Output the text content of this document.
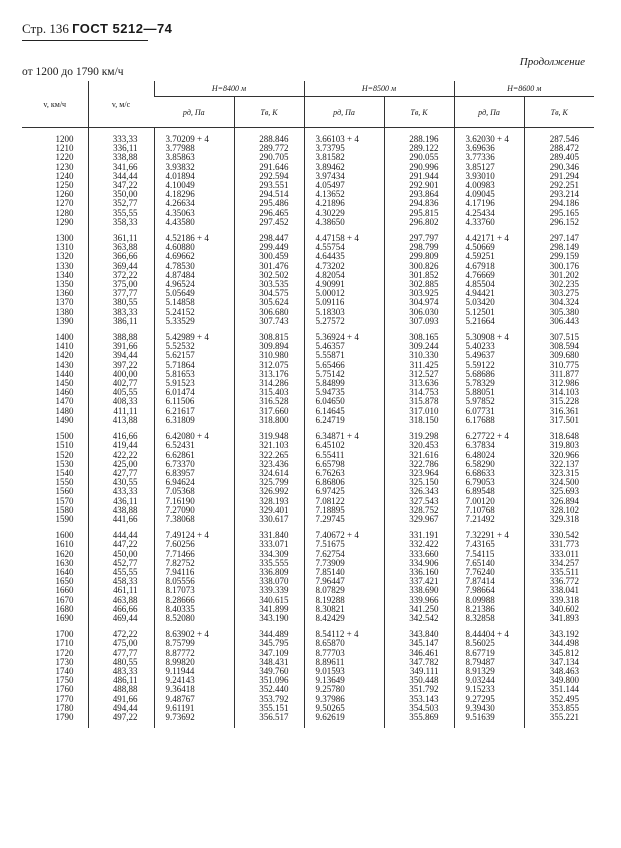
Стр. 136 ГОСТ 5212—74
Продолжение
от 1200 до 1790 км/ч
v, км/ч	v, м/с	H=8400 м		H=8500 м		H=8600 м	
		pд, Па	Tв, К	pд, Па	Tв, К	pд, Па	Tв, К

1200	333,33	3.70209 + 4	288.846	3.66103 + 4	288.196	3.62030 + 4	287.546
1210	336,11	3.77988	289.772	3.73795	289.122	3.69636	288.472
1220	338,88	3.85863	290.705	3.81582	290.055	3.77336	289.405
1230	341,66	3.93832	291.646	3.89462	290.996	3.85127	290.346
1240	344,44	4.01894	292.594	3.97434	291.944	3.93010	291.294
1250	347,22	4.10049	293.551	4.05497	292.901	4.00983	292.251
1260	350,00	4.18296	294.514	4.13652	293.864	4.09045	293.214
1270	352,77	4.26634	295.486	4.21896	294.836	4.17196	294.186
1280	355,55	4.35063	296.465	4.30229	295.815	4.25434	295.165
1290	358,33	4.43580	297.452	4.38650	296.802	4.33760	296.152

1300	361,11	4.52186 + 4	298.447	4.47158 + 4	297.797	4.42171 + 4	297.147
1310	363,88	4.60880	299.449	4.55754	298.799	4.50669	298.149
1320	366,66	4.69662	300.459	4.64435	299.809	4.59251	299.159
1330	369,44	4.78530	301.476	4.73202	300.826	4.67918	300.176
1340	372,22	4.87484	302.502	4.82054	301.852	4.76669	301.202
1350	375,00	4.96524	303.535	4.90991	302.885	4.85504	302.235
1360	377,77	5.05649	304.575	5.00012	303.925	4.94421	303.275
1370	380,55	5.14858	305.624	5.09116	304.974	5.03420	304.324
1380	383,33	5.24152	306.680	5.18303	306.030	5.12501	305.380
1390	386,11	5.33529	307.743	5.27572	307.093	5.21664	306.443

1400	388,88	5.42989 + 4	308.815	5.36924 + 4	308.165	5.30908 + 4	307.515
1410	391,66	5.52532	309.894	5.46357	309.244	5.40233	308.594
1420	394,44	5.62157	310.980	5.55871	310.330	5.49637	309.680
1430	397,22	5.71864	312.075	5.65466	311.425	5.59122	310.775
1440	400,00	5.81653	313.176	5.75142	312.527	5.68686	311.877
1450	402,77	5.91523	314.286	5.84899	313.636	5.78329	312.986
1460	405,55	6.01474	315.403	5.94735	314.753	5.88051	314.103
1470	408,33	6.11506	316.528	6.04650	315.878	5.97852	315.228
1480	411,11	6.21617	317.660	6.14645	317.010	6.07731	316.361
1490	413,88	6.31809	318.800	6.24719	318.150	6.17688	317.501

1500	416,66	6.42080 + 4	319.948	6.34871 + 4	319.298	6.27722 + 4	318.648
1510	419,44	6.52431	321.103	6.45102	320.453	6.37834	319.803
1520	422,22	6.62861	322.265	6.55411	321.616	6.48024	320.966
1530	425,00	6.73370	323.436	6.65798	322.786	6.58290	322.137
1540	427,77	6.83957	324.614	6.76263	323.964	6.68633	323.315
1550	430,55	6.94624	325.799	6.86806	325.150	6.79053	324.500
1560	433,33	7.05368	326.992	6.97425	326.343	6.89548	325.693
1570	436,11	7.16190	328.193	7.08122	327.543	7.00120	326.894
1580	438,88	7.27090	329.401	7.18895	328.752	7.10768	328.102
1590	441,66	7.38068	330.617	7.29745	329.967	7.21492	329.318

1600	444,44	7.49124 + 4	331.840	7.40672 + 4	331.191	7.32291 + 4	330.542
1610	447,22	7.60256	333.071	7.51675	332.422	7.43165	331.773
1620	450,00	7.71466	334.309	7.62754	333.660	7.54115	333.011
1630	452,77	7.82752	335.555	7.73909	334.906	7.65140	334.257
1640	455,55	7.94116	336.809	7.85140	336.160	7.76240	335.511
1650	458,33	8.05556	338.070	7.96447	337.421	7.87414	336.772
1660	461,11	8.17073	339.339	8.07829	338.690	7.98664	338.041
1670	463,88	8.28666	340.615	8.19288	339.966	8.09988	339.318
1680	466,66	8.40335	341.899	8.30821	341.250	8.21386	340.602
1690	469,44	8.52080	343.190	8.42429	342.542	8.32858	341.893

1700	472,22	8.63902 + 4	344.489	8.54112 + 4	343.840	8.44404 + 4	343.192
1710	475,00	8.75799	345.795	8.65870	345.147	8.56025	344.498
1720	477,77	8.87772	347.109	8.77703	346.461	8.67719	345.812
1730	480,55	8.99820	348.431	8.89611	347.782	8.79487	347.134
1740	483,33	9.11944	349.760	9.01593	349.111	8.91329	348.463
1750	486,11	9.24143	351.096	9.13649	350.448	9.03244	349.800
1760	488,88	9.36418	352.440	9.25780	351.792	9.15233	351.144
1770	491,66	9.48767	353.792	9.37986	353.143	9.27295	352.495
1780	494,44	9.61191	355.151	9.50265	354.503	9.39430	353.855
1790	497,22	9.73692	356.517	9.62619	355.869	9.51639	355.221
